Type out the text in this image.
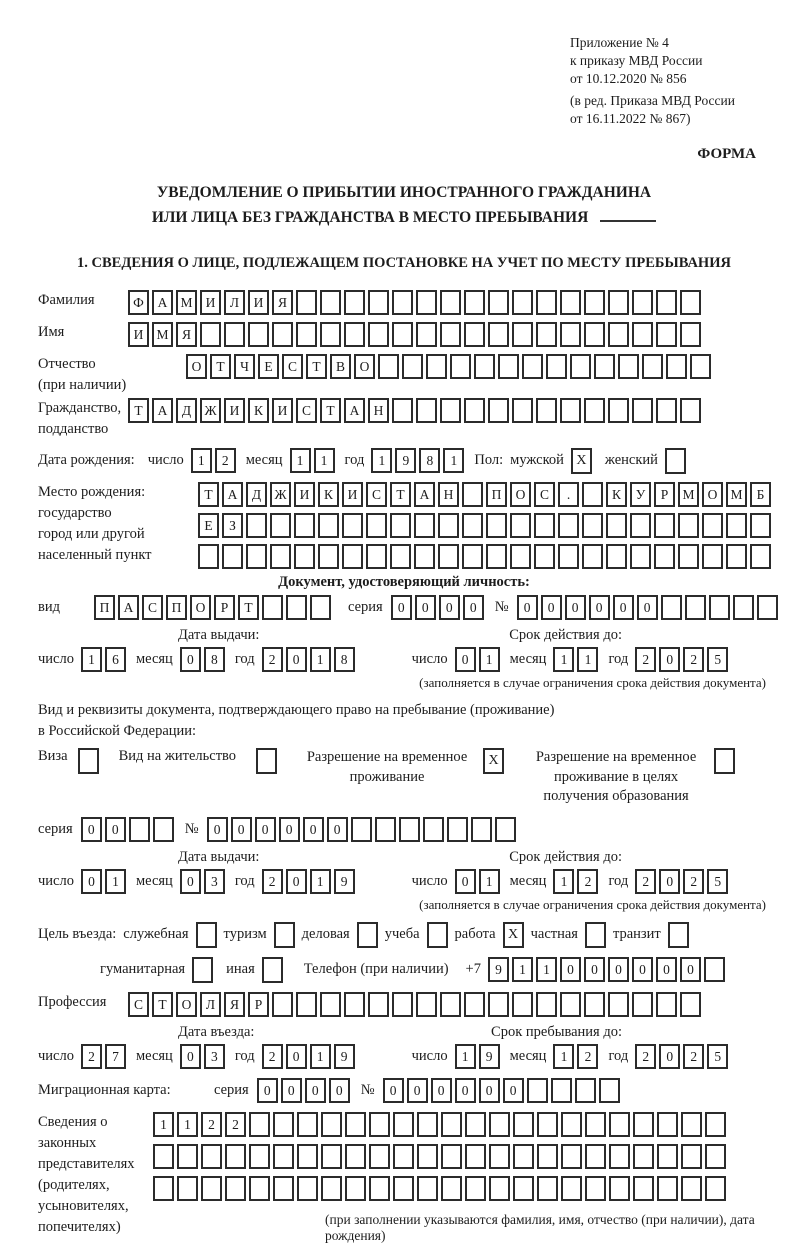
Приложение № 4
к приказу МВД России
от 10.12.2020 № 856
(в ред. Приказа МВД России
от 16.11.2022 № 867)
ФОРМА
УВЕДОМЛЕНИЕ О ПРИБЫТИИ ИНОСТРАННОГО ГРАЖДАНИНА
ИЛИ ЛИЦА БЕЗ ГРАЖДАНСТВА В МЕСТО ПРЕБЫВАНИЯ
1. СВЕДЕНИЯ О ЛИЦЕ, ПОДЛЕЖАЩЕМ ПОСТАНОВКЕ НА УЧЕТ ПО МЕСТУ ПРЕБЫВАНИЯ
Фамилия	Ф	А М И	Л	И	Я
Имя	И М Я
Отчество
(при наличии)
О	Т	Ч	Е	С	Т	В	О
Гражданство,
подданство
Т	А	Д Ж И	К	И	С	Т	А	Н
Дата рождения: число	1	2	месяц	1	1	год	1	9	8	1	Пол: мужской X	женский
Место рождения:
государство
город или другой
населенный пункт
Т	А	Д Ж И	К	И	С	Т	А	Н	П	О	С	.	К	У	Р	М О М	Б
Е	З
Документ, удостоверяющий личность:
вид	П	А	С	П	О	Р	Т	серия	0	0	0	0	№	0	0	0	0	0	0
Дата выдачи:	Срок действия до:
число	1	6	месяц	0	8	год	2	0	1	8	число	0	1	месяц	1	1	год	2	0	2	5
(заполняется в случае ограничения срока действия документа)
Вид и реквизиты документа, подтверждающего право на пребывание (проживание)
в Российской Федерации:
Виза	Вид на жительство	Разрешение на временное проживание
X	Разрешение на временное проживание в целях получения образования
серия	0	0	№	0	0	0	0	0	0
Дата выдачи:	Срок действия до:
число	0	1	месяц	0	3	год	2	0	1	9	число	0	1	месяц	1	2	год	2	0	2	5
(заполняется в случае ограничения срока действия документа)
Цель въезда: служебная туризм деловая учеба работа X частная транзит
гуманитарная	иная	Телефон (при наличии) +7	9	1	1	0	0	0	0	0	0
Профессия	С	Т	О	Л	Я	Р
Дата въезда:	Срок пребывания до:
число	2	7	месяц	0	3	год	2	0	1	9	число	1	9	месяц	1	2	год	2	0	2	5
Миграционная карта:	серия	0	0	0	0	№	0	0	0	0	0	0
Сведения о
законных
представителях
(родителях,
усыновителях,
попечителях)
1	1	2	2
(при заполнении указываются фамилия, имя, отчество (при наличии), дата рождения)
